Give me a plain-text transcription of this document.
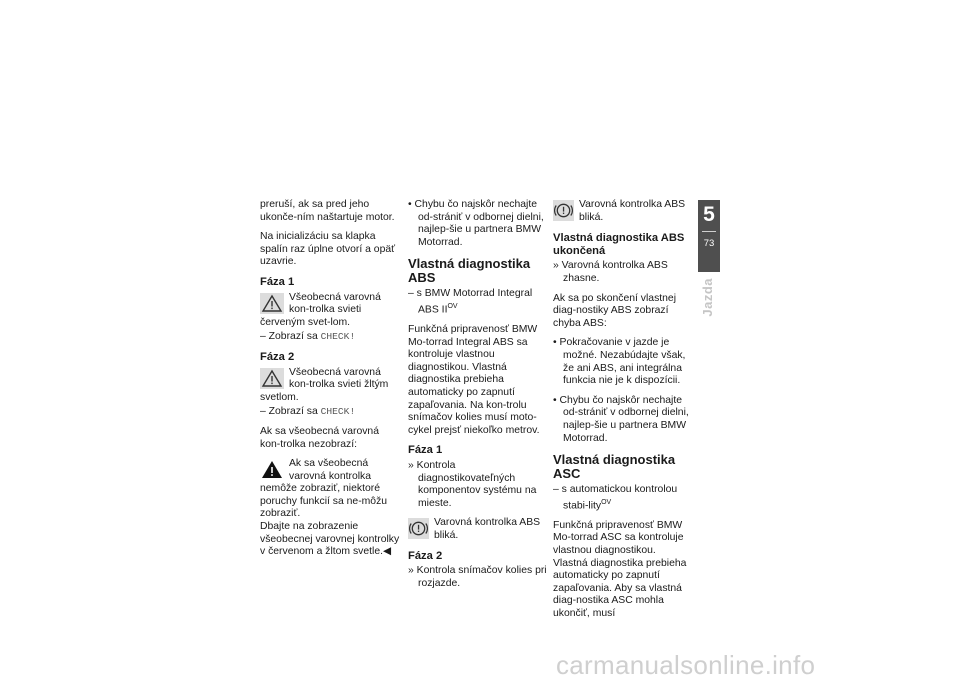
preruší, ak sa pred jeho ukonče-ním naštartuje motor.

Na inicializáciu sa klapka spalín raz úplne otvorí a opäť uzavrie.

Fáza 1
Všeobecná varovná kon-trolka svieti červeným svet-lom.

– Zobrazí sa CHECK!

Fáza 2
Všeobecná varovná kon-trolka svieti žltým svetlom.

– Zobrazí sa CHECK!

Ak sa všeobecná varovná kon-trolka nezobrazí:

Ak sa všeobecná varovná kontrolka nemôže zobraziť, niektoré poruchy funkcií sa ne-môžu zobraziť.

Dbajte na zobrazenie všeobecnej varovnej kontrolky v červenom a žltom svetle.◀

• Chybu čo najskôr nechajte od-strániť v odbornej dielni, najlep-šie u partnera BMW Motorrad.

Vlastná diagnostika ABS

– s BMW Motorrad Integral ABS $II^{OV}$

Funkčná pripravenosť BMW Mo-torrad Integral ABS sa kontroluje vlastnou diagnostikou. Vlastná diagnostika prebieha automaticky po zapnutí zapaľovania. Na kon-trolu snímačov kolies musí moto-cykel prejsť niekoľko metrov.

Fáza 1

» Kontrola diagnostikovateľných komponentov systému na mieste.

Varovná kontrolka ABS bliká.
Fáza 2

» Kontrola snímačov kolies pri rozjazde.

Varovná kontrolka ABS bliká.
Vlastná diagnostika ABS ukončená

» Varovná kontrolka ABS zhasne.

Ak sa po skončení vlastnej diag-nostiky ABS zobrazí chyba ABS:

• Pokračovanie v jazde je možné. Nezabúdajte však, že ani ABS, ani integrálna funkcia nie je k dispozícii.

• Chybu čo najskôr nechajte od-strániť v odbornej dielni, najlep-šie u partnera BMW Motorrad.

Vlastná diagnostika ASC

– s automatickou kontrolou stabi-lity$^{OV}$

Funkčná pripravenosť BMW Mo-torrad ASC sa kontroluje vlastnou diagnostikou. Vlastná diagnostika prebieha automaticky po zapnutí zapaľovania. Aby sa vlastná diag-nostika ASC mohla ukončiť, musí

5
73
Jazda
carmanualsonline.info
